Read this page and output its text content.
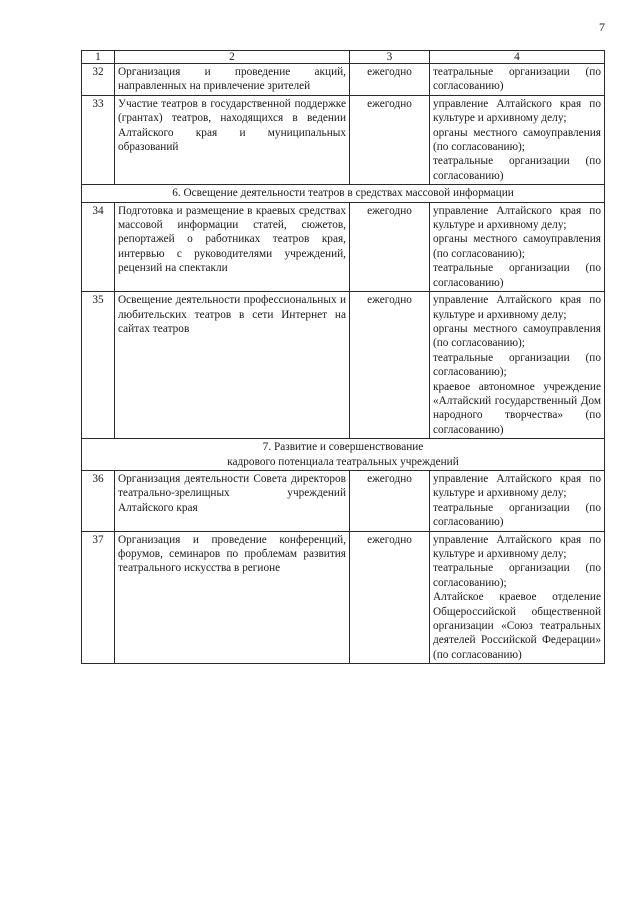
7
1	2	3	4
32	Организация и проведение акций, направленных на привлечение зрителей	ежегодно	театральные организации (по согласованию)

33	Участие театров в государственной поддержке (грантах) театров, находящихся в ведении Алтайского края и муниципальных образований	ежегодно	управление Алтайского края по культуре и архивному делу;
органы местного самоуправления (по согласованию);
театральные организации (по согласованию)

6. Освещение деятельности театров в средствах массовой информации			
34	Подготовка и размещение в краевых средствах массовой информации статей, сюжетов, репортажей о работниках театров края, интервью с руководителями учреждений, рецензий на спектакли	ежегодно	управление Алтайского края по культуре и архивному делу;
органы местного самоуправления (по согласованию);
театральные организации (по согласованию)

35	Освещение деятельности профессиональных и любительских театров в сети Интернет на сайтах театров	ежегодно	управление Алтайского края по культуре и архивному делу;
органы местного самоуправления (по согласованию);
театральные организации (по согласованию);
краевое автономное учреждение «Алтайский государственный Дом народного творчества» (по согласованию)

7. Развитие и совершенствование
кадрового потенциала театральных учреждений			

36	Организация деятельности Совета директоров театрально-зрелищных учреждений Алтайского края	ежегодно	управление Алтайского края по культуре и архивному делу;
театральные организации (по согласованию)

37	Организация и проведение конференций, форумов, семинаров по проблемам развития театрального искусства в регионе	ежегодно	управление Алтайского края по культуре и архивному делу;
театральные организации (по согласованию);
Алтайское краевое отделение Общероссийской общественной организации «Союз театральных деятелей Российской Федерации» (по согласованию)
